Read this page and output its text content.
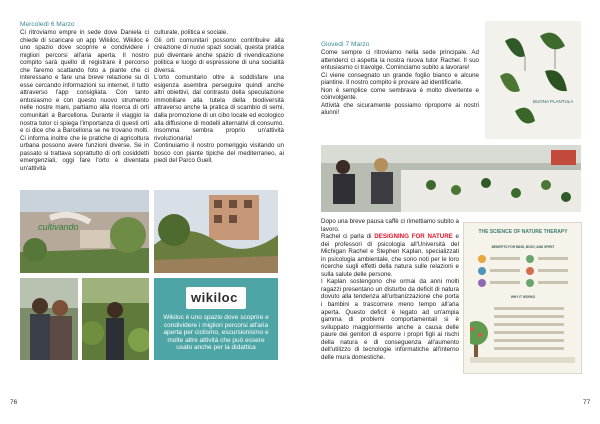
Mercoledì 6 Marzo
Ci ritroviamo empre in sede dove Daniela ci chiede di scaricare un app Wikiloc. Wikiloc è uno spazio dove scoprire e condividere i migliori percorsi all'aria aperta. Il nostro compito sarà quello di registrare il percorso che faremo scattando foto a piante che ci interessano e fare una breve relazione su di esse cercando informazioni su internet, il tutto attraverso l'app consigliata. Con tanto entusiasmo e con questo nuovo strumento nelle nostre mani, partiamo alla ricerca di orti comunitari a Barcellona. Durante il viaggio la nostra tutor ci spiega l'importanza di questi orti e ci dice che a Barcellona se ne trovano molti. Ci informa inoltre che le pratiche di agricoltura urbana possono avere funzioni diverse. Se in passato si trattava soprattutto di orti cosiddetti emergenziali, oggi fare l'orto è diventata un'attività
culturale, politica e sociale.
Gli orti comunitari possono contribuire alla creazione di nuovi spazi sociali, questa pratica può diventare anche spazio di rivendicazione politica e luogo di espressione di una socialità diversa.
L'orto comunitario oltre a soddisfare una esigenza asembra perseguire quindi anche altri obiettivi, dal contrasto della speculazione immobiliare alla tutela della biodiversità attraverso anche la pratica di scambio di semi, dalla promozione di un cibo locale ed ecologico alla diffusione di modelli alternativi di consumo. Insomma sembra proprio un'attività rivoluzionaria!
Continuiamo il nostro pomeriggio visitando un bosco con piante tipiche del mediterraneo, ai piedi del Parco Guell.
cultivando
wikiloc
Wikiloc è uno spazio dove scoprire e condividere i migliori percorsi all'aria aperta per ciclismo, escursionismo e molte altre attività che può essere usato anche per la didattica
76
Giovedì 7 Marzo
Come sempre ci ritroviamo nella sede principale. Ad attenderci ci aspetta la nostra nuova tutor Rachel. Il suo entusiasmo ci travolge. Cominciamo subito a lavorare!
Ci viene consegnato un grande foglio bianco e alcune piantine. Il nostro compito è provare ad identificarle.
Non è semplice come sembrava è molto divertente e coinvolgente.
Attività che sicuramente possiamo riproporre ai nostri alunni!
BUONA PLANTULA
Dopo una breve pausa caffè ci rimettiamo subito a lavoro.
Rachel ci parla di DESIGNING FOR NATURE e dei professori di psicologia all'Università del Michigan Rachel e Stephen Kaplan, specializzati in psicologia ambientale, che sono noti per le loro ricerche sugli effetti della natura sulle relazioni e sulla salute delle persone.
I Kaplan sostengono che ormai da anni molti ragazzi presentano un disturbo da deficit di natura dovuto alla tendenza all'urbanizzazione che porta i bambini a trascorrere meno tempo all'aria aperta. Questo deficit è legato ad un'ampia gamma di problemi comportamentali si è sviluppato maggiormente anche a causa delle paure dei genitori di esporre i propri figli ai rischi della natura e di conseguenza all'aumento dell'utilizzo di tecnologie informatiche all'interno delle mura domestiche.
THE SCIENCE OF NATURE THERAPY
BENEFITS FOR MIND, BODY, AND SPIRIT
WHY IT WORKS
77
